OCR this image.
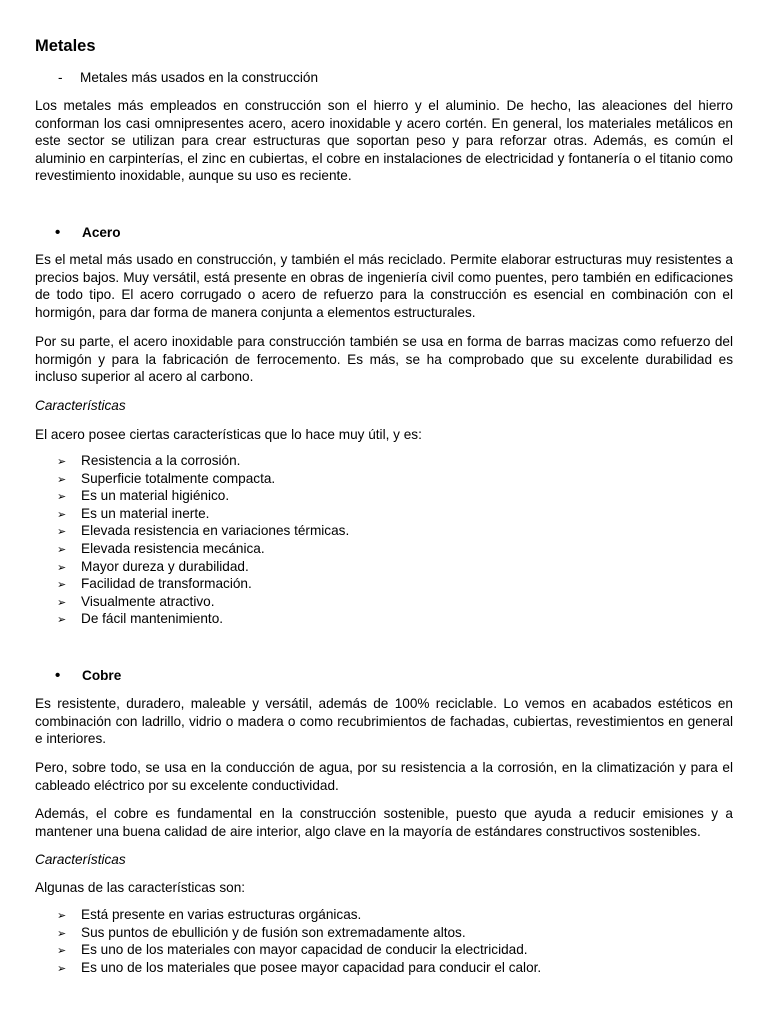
Metales
- Metales más usados en la construcción

Los metales más empleados en construcción son el hierro y el aluminio. De hecho, las aleaciones del hierro conforman los casi omnipresentes acero, acero inoxidable y acero cortén. En general, los materiales metálicos en este sector se utilizan para crear estructuras que soportan peso y para reforzar otras. Además, es común el aluminio en carpinterías, el zinc en cubiertas, el cobre en instalaciones de electricidad y fontanería o el titanio como revestimiento inoxidable, aunque su uso es reciente.

• Acero

Es el metal más usado en construcción, y también el más reciclado. Permite elaborar estructuras muy resistentes a precios bajos. Muy versátil, está presente en obras de ingeniería civil como puentes, pero también en edificaciones de todo tipo. El acero corrugado o acero de refuerzo para la construcción es esencial en combinación con el hormigón, para dar forma de manera conjunta a elementos estructurales.

Por su parte, el acero inoxidable para construcción también se usa en forma de barras macizas como refuerzo del hormigón y para la fabricación de ferrocemento. Es más, se ha comprobado que su excelente durabilidad es incluso superior al acero al carbono.

Características

El acero posee ciertas características que lo hace muy útil, y es:

➢ Resistencia a la corrosión.
➢ Superficie totalmente compacta.
➢ Es un material higiénico.
➢ Es un material inerte.
➢ Elevada resistencia en variaciones térmicas.
➢ Elevada resistencia mecánica.
➢ Mayor dureza y durabilidad.
➢ Facilidad de transformación.
➢ Visualmente atractivo.
➢ De fácil mantenimiento.
• Cobre

Es resistente, duradero, maleable y versátil, además de 100% reciclable. Lo vemos en acabados estéticos en combinación con ladrillo, vidrio o madera o como recubrimientos de fachadas, cubiertas, revestimientos en general e interiores.

Pero, sobre todo, se usa en la conducción de agua, por su resistencia a la corrosión, en la climatización y para el cableado eléctrico por su excelente conductividad.

Además, el cobre es fundamental en la construcción sostenible, puesto que ayuda a reducir emisiones y a mantener una buena calidad de aire interior, algo clave en la mayoría de estándares constructivos sostenibles.

Características

Algunas de las características son:

➢ Está presente en varias estructuras orgánicas.
➢ Sus puntos de ebullición y de fusión son extremadamente altos.
➢ Es uno de los materiales con mayor capacidad de conducir la electricidad.
➢ Es uno de los materiales que posee mayor capacidad para conducir el calor.
